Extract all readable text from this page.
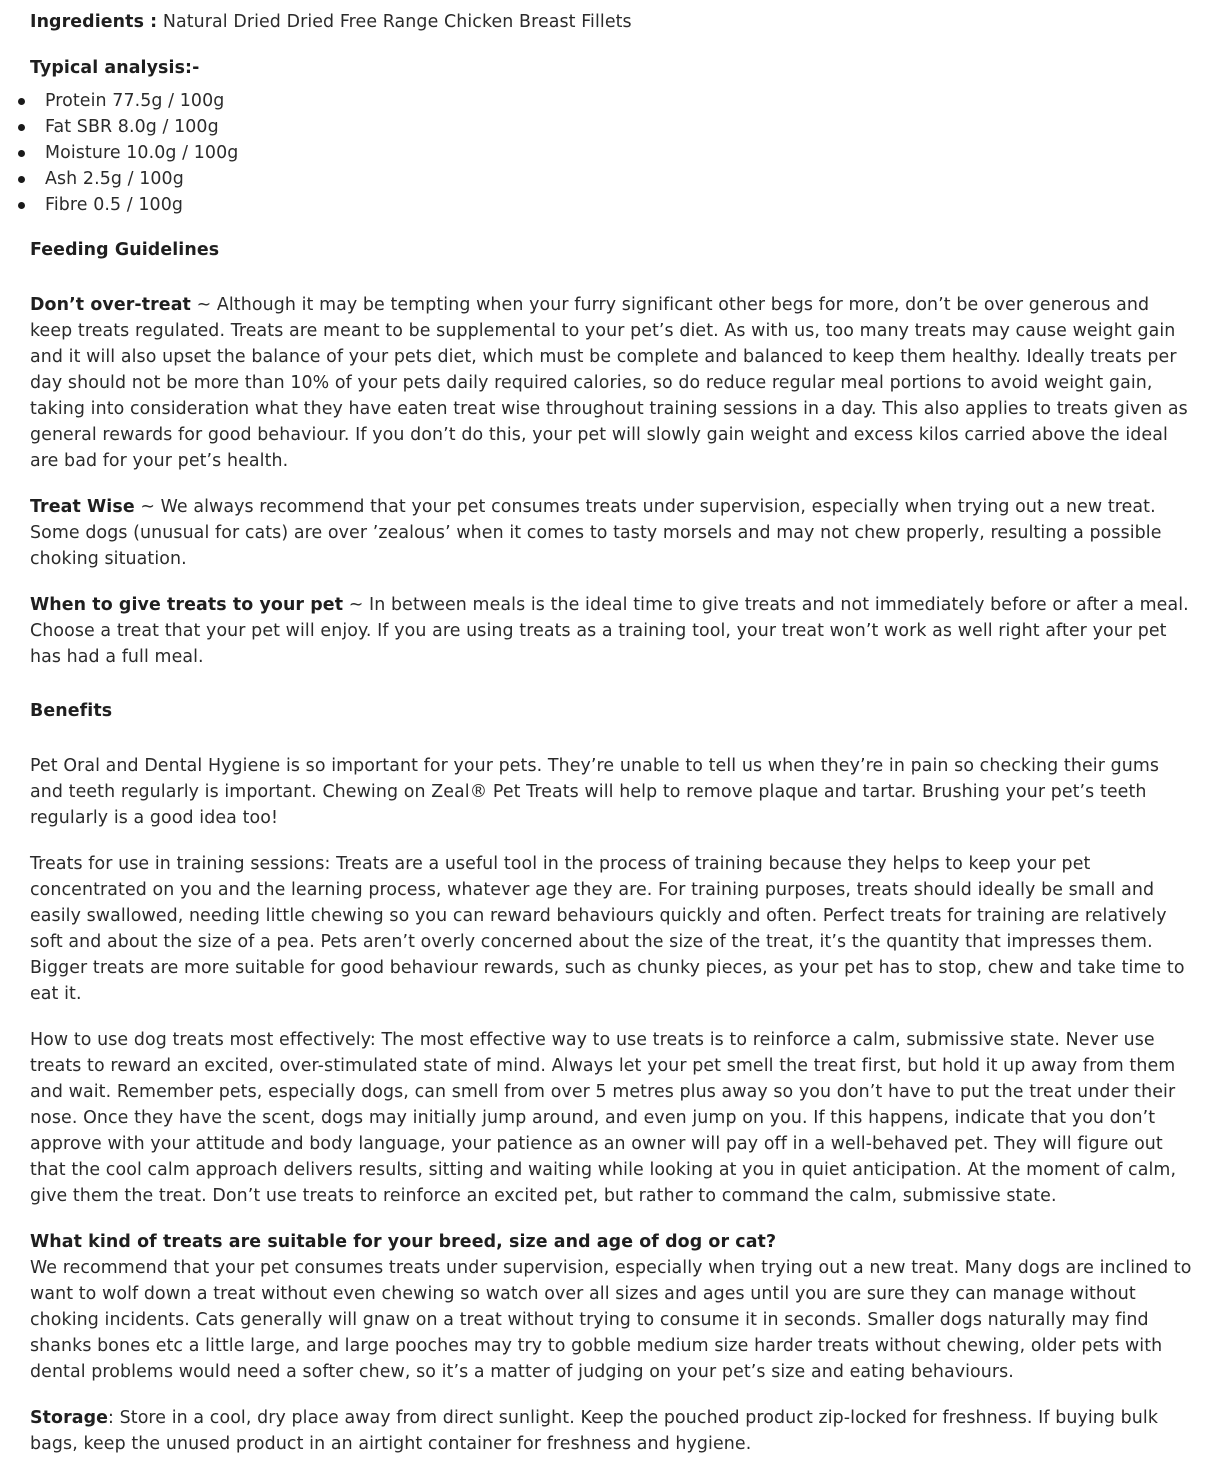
Ingredients : Natural Dried Dried Free Range Chicken Breast Fillets

Typical analysis:-

Protein 77.5g / 100g
Fat SBR 8.0g / 100g
Moisture 10.0g / 100g
Ash 2.5g / 100g
Fibre 0.5 / 100g

Feeding Guidelines

Don’t over-treat ~ Although it may be tempting when your furry significant other begs for more, don’t be over generous and keep treats regulated. Treats are meant to be supplemental to your pet’s diet. As with us, too many treats may cause weight gain and it will also upset the balance of your pets diet, which must be complete and balanced to keep them healthy. Ideally treats per day should not be more than 10% of your pets daily required calories, so do reduce regular meal portions to avoid weight gain, taking into consideration what they have eaten treat wise throughout training sessions in a day. This also applies to treats given as general rewards for good behaviour. If you don’t do this, your pet will slowly gain weight and excess kilos carried above the ideal are bad for your pet’s health.

Treat Wise ~ We always recommend that your pet consumes treats under supervision, especially when trying out a new treat. Some dogs (unusual for cats) are over ’zealous’ when it comes to tasty morsels and may not chew properly, resulting a possible choking situation.

When to give treats to your pet ~ In between meals is the ideal time to give treats and not immediately before or after a meal. Choose a treat that your pet will enjoy. If you are using treats as a training tool, your treat won’t work as well right after your pet has had a full meal.

Benefits

Pet Oral and Dental Hygiene is so important for your pets. They’re unable to tell us when they’re in pain so checking their gums and teeth regularly is important. Chewing on Zeal® Pet Treats will help to remove plaque and tartar. Brushing your pet’s teeth regularly is a good idea too!

Treats for use in training sessions: Treats are a useful tool in the process of training because they helps to keep your pet concentrated on you and the learning process, whatever age they are. For training purposes, treats should ideally be small and easily swallowed, needing little chewing so you can reward behaviours quickly and often. Perfect treats for training are relatively soft and about the size of a pea. Pets aren’t overly concerned about the size of the treat, it’s the quantity that impresses them. Bigger treats are more suitable for good behaviour rewards, such as chunky pieces, as your pet has to stop, chew and take time to eat it.

How to use dog treats most effectively: The most effective way to use treats is to reinforce a calm, submissive state. Never use treats to reward an excited, over-stimulated state of mind. Always let your pet smell the treat first, but hold it up away from them and wait. Remember pets, especially dogs, can smell from over 5 metres plus away so you don’t have to put the treat under their nose. Once they have the scent, dogs may initially jump around, and even jump on you. If this happens, indicate that you don’t approve with your attitude and body language, your patience as an owner will pay off in a well-behaved pet. They will figure out that the cool calm approach delivers results, sitting and waiting while looking at you in quiet anticipation. At the moment of calm, give them the treat. Don’t use treats to reinforce an excited pet, but rather to command the calm, submissive state.

What kind of treats are suitable for your breed, size and age of dog or cat?
We recommend that your pet consumes treats under supervision, especially when trying out a new treat. Many dogs are inclined to want to wolf down a treat without even chewing so watch over all sizes and ages until you are sure they can manage without choking incidents. Cats generally will gnaw on a treat without trying to consume it in seconds. Smaller dogs naturally may find shanks bones etc a little large, and large pooches may try to gobble medium size harder treats without chewing, older pets with dental problems would need a softer chew, so it’s a matter of judging on your pet’s size and eating behaviours.

Storage: Store in a cool, dry place away from direct sunlight. Keep the pouched product zip-locked for freshness. If buying bulk bags, keep the unused product in an airtight container for freshness and hygiene.
